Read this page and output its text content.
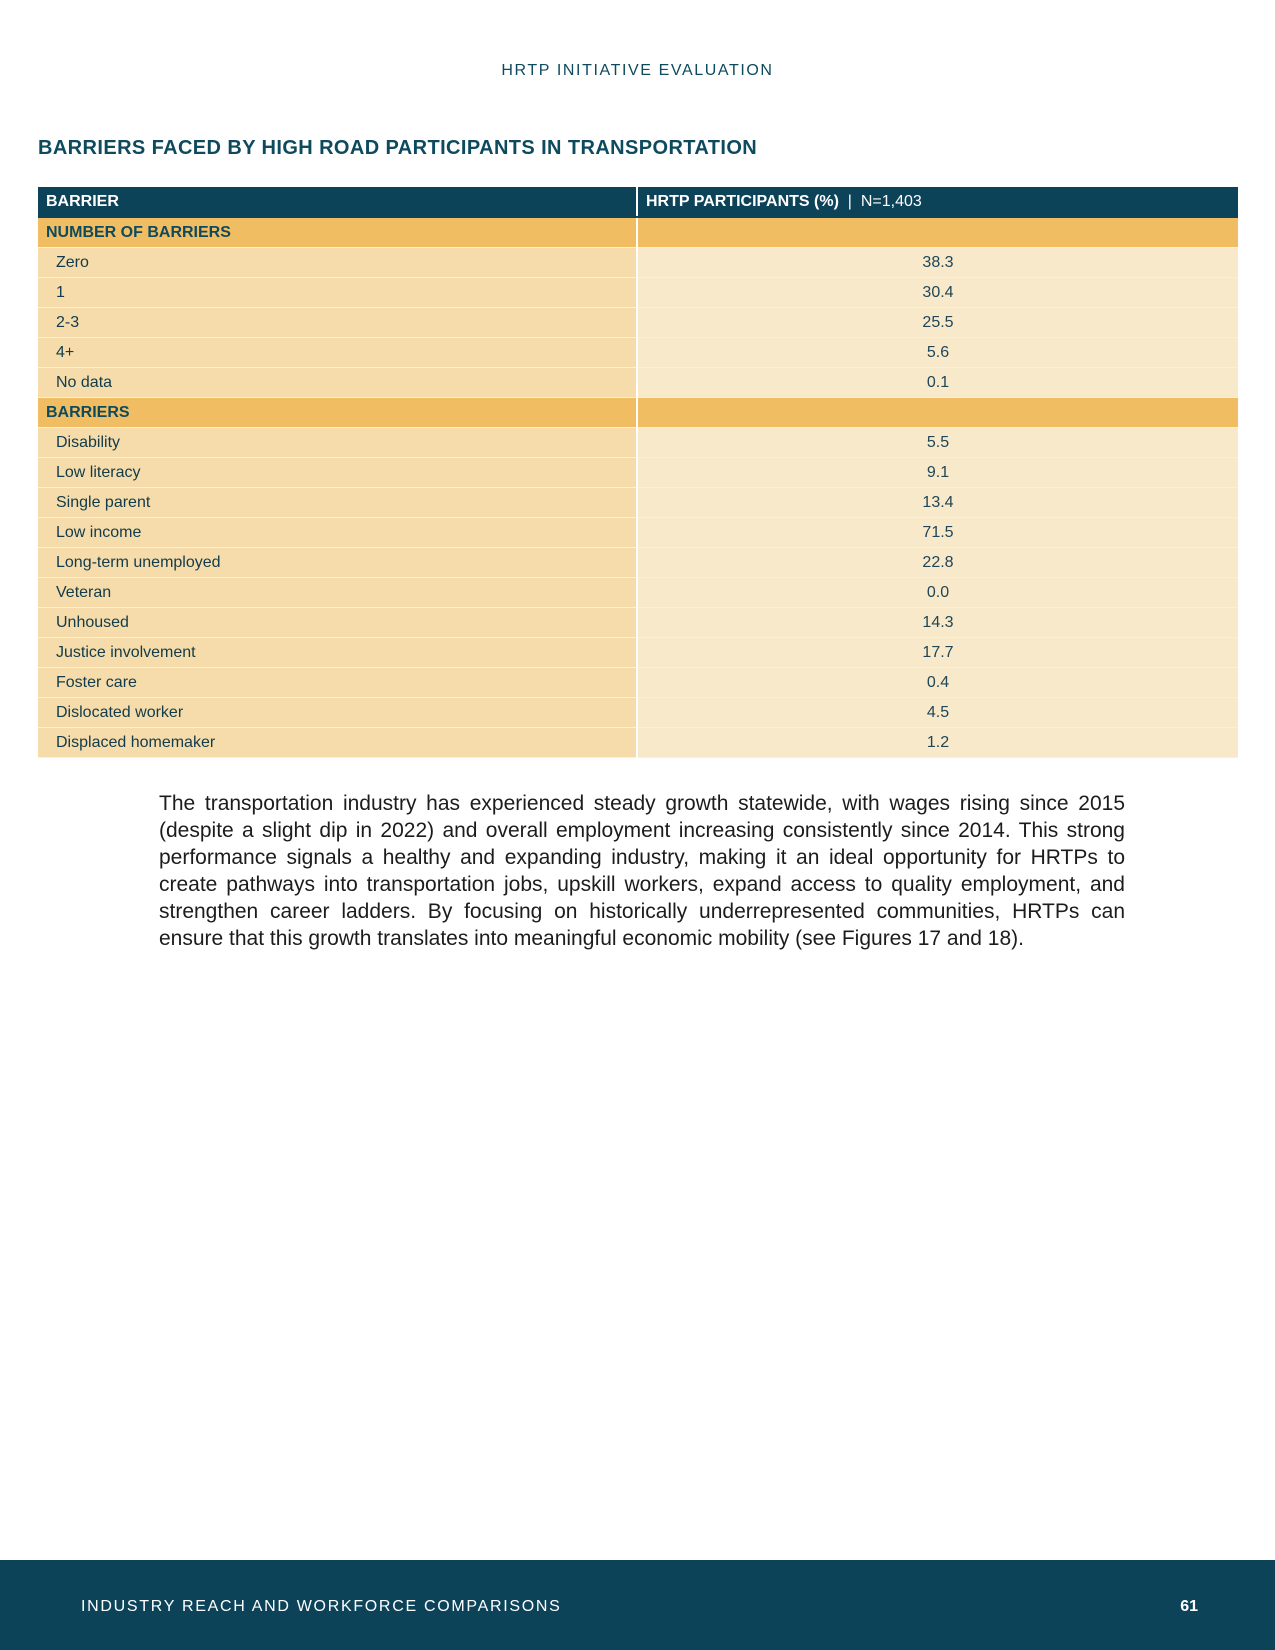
HRTP INITIATIVE EVALUATION
BARRIERS FACED BY HIGH ROAD PARTICIPANTS IN TRANSPORTATION
BARRIER	HRTP PARTICIPANTS (%) | N=1,403
NUMBER OF BARRIERS	
Zero	38.3
1	30.4
2-3	25.5
4+	5.6
No data	0.1
BARRIERS	
Disability	5.5
Low literacy	9.1
Single parent	13.4
Low income	71.5
Long-term unemployed	22.8
Veteran	0.0
Unhoused	14.3
Justice involvement	17.7
Foster care	0.4
Dislocated worker	4.5
Displaced homemaker	1.2

The transportation industry has experienced steady growth statewide, with wages rising since 2015 (despite a slight dip in 2022) and overall employment increasing consistently since 2014. This strong performance signals a healthy and expanding industry, making it an ideal opportunity for HRTPs to create pathways into transportation jobs, upskill workers, expand access to quality employment, and strengthen career ladders. By focusing on historically underrepresented communities, HRTPs can ensure that this growth translates into meaningful economic mobility (see Figures 17 and 18).

INDUSTRY REACH AND WORKFORCE COMPARISONS	61
